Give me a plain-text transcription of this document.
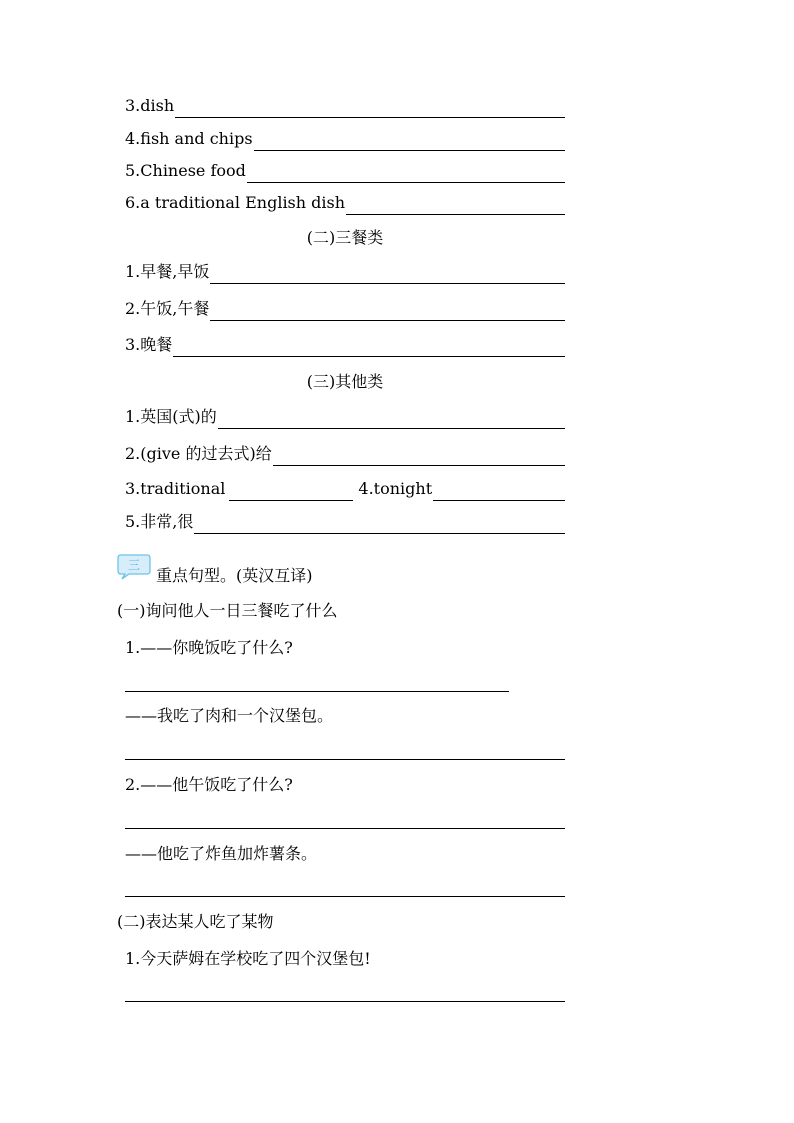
3.dish
4.fish and chips
5.Chinese food
6.a traditional English dish
(二)三餐类
1.早餐,早饭
2.午饭,午餐
3.晚餐
(三)其他类
1.英国(式)的
2.(give 的过去式)给
3.traditional	4.tonight
5.非常,很
三
重点句型。(英汉互译)
(一)询问他人一日三餐吃了什么
1.——你晚饭吃了什么?
——我吃了肉和一个汉堡包。
2.——他午饭吃了什么?
——他吃了炸鱼加炸薯条。
(二)表达某人吃了某物
1.今天萨姆在学校吃了四个汉堡包!
